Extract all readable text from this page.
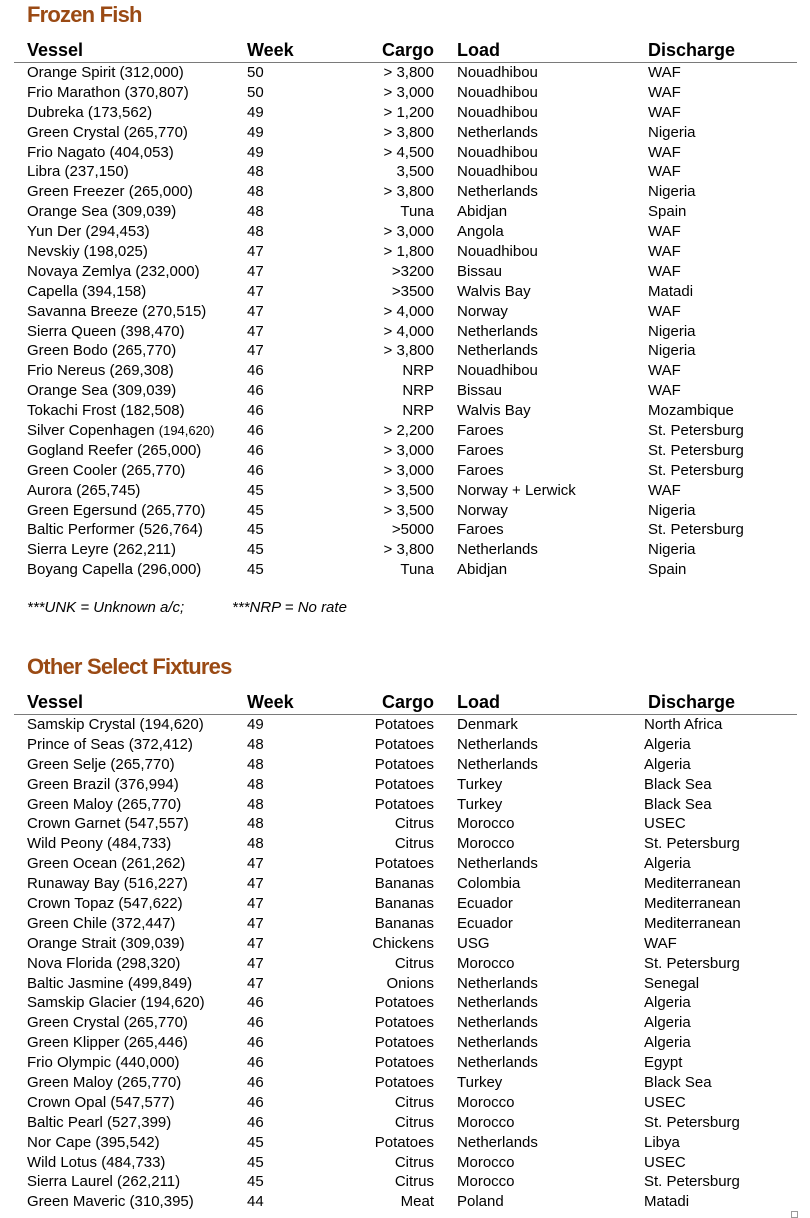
Frozen Fish
Vessel	Week	Cargo Load	Discharge
Orange Spirit (312,000)	50	> 3,800 Nouadhibou	WAF
Frio Marathon (370,807)	50	> 3,000 Nouadhibou	WAF
Dubreka (173,562)	49	> 1,200 Nouadhibou	WAF
Green Crystal (265,770)	49	> 3,800 Netherlands	Nigeria
Frio Nagato (404,053)	49	> 4,500 Nouadhibou	WAF
Libra (237,150)	48	3,500 Nouadhibou	WAF
Green Freezer (265,000)	48	> 3,800 Netherlands	Nigeria
Orange Sea (309,039)	48	Tuna Abidjan	Spain
Yun Der (294,453)	48	> 3,000 Angola	WAF
Nevskiy (198,025)	47	> 1,800 Nouadhibou	WAF
Novaya Zemlya (232,000)	47	>3200 Bissau	WAF
Capella (394,158)	47	>3500 Walvis Bay	Matadi
Savanna Breeze (270,515)	47	> 4,000 Norway	WAF
Sierra Queen (398,470)	47	> 4,000 Netherlands	Nigeria
Green Bodo (265,770)	47	> 3,800 Netherlands	Nigeria
Frio Nereus (269,308)	46	NRP Nouadhibou	WAF
Orange Sea (309,039)	46	NRP Bissau	WAF
Tokachi Frost (182,508)	46	NRP Walvis Bay	Mozambique
Silver Copenhagen (194,620) 46	> 2,200 Faroes	St. Petersburg
Gogland Reefer (265,000)	46	> 3,000 Faroes	St. Petersburg
Green Cooler (265,770)	46	> 3,000 Faroes	St. Petersburg
Aurora (265,745)	45	> 3,500 Norway + Lerwick	WAF
Green Egersund (265,770)	45	> 3,500 Norway	Nigeria
Baltic Performer (526,764)	45	>5000 Faroes	St. Petersburg
Sierra Leyre (262,211)	45	> 3,800 Netherlands	Nigeria
Boyang Capella (296,000)	45	Tuna Abidjan	Spain
***UNK = Unknown a/c;	***NRP = No rate
Other Select Fixtures
Vessel	Week	Cargo Load	Discharge
Samskip Crystal (194,620)	49	Potatoes Denmark	North Africa
Prince of Seas (372,412)	48	Potatoes Netherlands	Algeria
Green Selje (265,770)	48	Potatoes Netherlands	Algeria
Green Brazil (376,994)	48	Potatoes Turkey	Black Sea
Green Maloy (265,770)	48	Potatoes Turkey	Black Sea
Crown Garnet (547,557)	48	Citrus Morocco	USEC
Wild Peony (484,733)	48	Citrus Morocco	St. Petersburg
Green Ocean (261,262)	47	Potatoes Netherlands	Algeria
Runaway Bay (516,227)	47	Bananas Colombia	Mediterranean
Crown Topaz (547,622)	47	Bananas Ecuador	Mediterranean
Green Chile (372,447)	47	Bananas Ecuador	Mediterranean
Orange Strait (309,039)	47	Chickens USG	WAF
Nova Florida (298,320)	47	Citrus Morocco	St. Petersburg
Baltic Jasmine (499,849)	47	Onions Netherlands	Senegal
Samskip Glacier (194,620)	46	Potatoes Netherlands	Algeria
Green Crystal (265,770)	46	Potatoes Netherlands	Algeria
Green Klipper (265,446)	46	Potatoes Netherlands	Algeria
Frio Olympic (440,000)	46	Potatoes Netherlands	Egypt
Green Maloy (265,770)	46	Potatoes Turkey	Black Sea
Crown Opal (547,577)	46	Citrus Morocco	USEC
Baltic Pearl (527,399)	46	Citrus Morocco	St. Petersburg
Nor Cape (395,542)	45	Potatoes Netherlands	Libya
Wild Lotus (484,733)	45	Citrus Morocco	USEC
Sierra Laurel (262,211)	45	Citrus Morocco	St. Petersburg
Green Maveric (310,395)	44	Meat Poland	Matadi
